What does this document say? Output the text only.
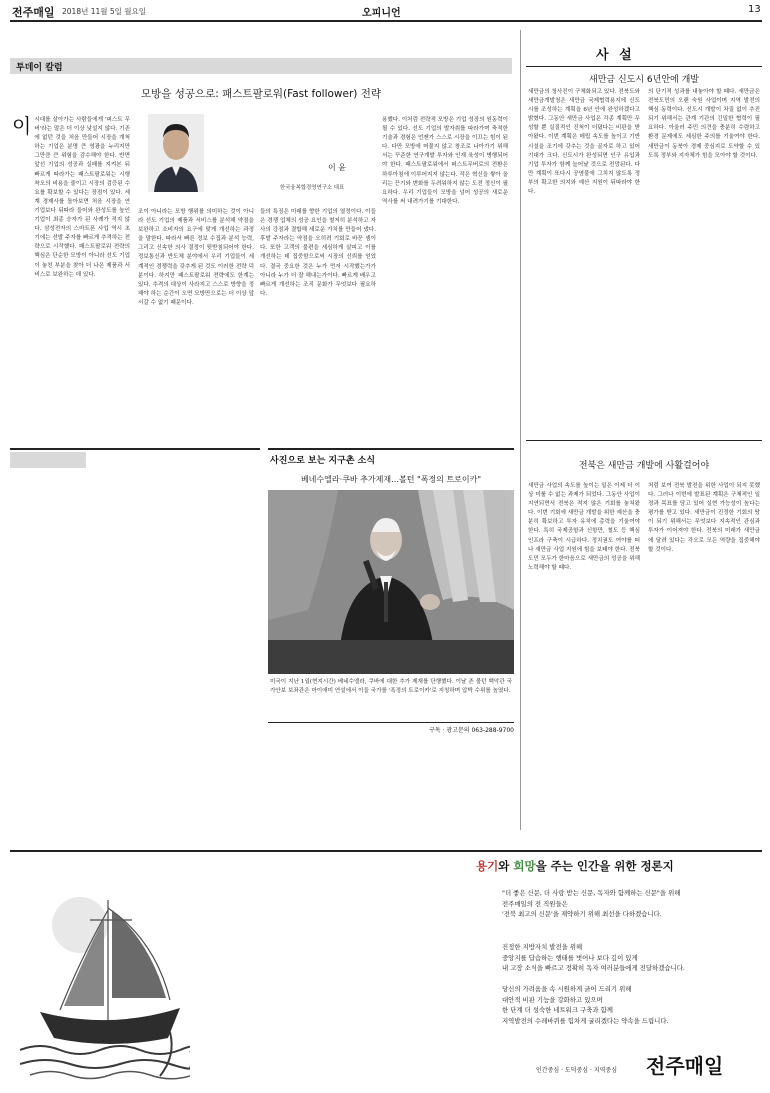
전주매일 2018년 11월 5일 월요일	오피니언	13
투데이 칼럼
모방을 성공으로: 패스트팔로워(Fast follower) 전략
이 시대를 살아가는 사람들에게 '퍼스트 무버'라는 말은 더 이상 낯설지 않다. 기존에 없던 것을 처음 만들어 시장을 개척하는 기업은 분명 큰 영광을 누리지만 그만큼 큰 위험을 감수해야 한다. 반면 앞선 기업의 성공과 실패를 지켜본 뒤 빠르게 따라가는 패스트팔로워는 시행착오의 비용을 줄이고 시장의 검증된 수요를 확보할 수 있다는 장점이 있다. 세계 경제사를 돌아보면 처음 시장을 연 기업보다 뒤따라 들어와 완성도를 높인 기업이 최종 승자가 된 사례가 적지 않다. 삼성전자의 스마트폰 사업 역시 초기에는 선발 주자를 빠르게 추격하는 전략으로 시작했다. 패스트팔로워 전략의 핵심은 단순한 모방이 아니라 선도 기업이 놓친 부분을 찾아 더 나은 제품과 서비스로 보완하는 데 있다.
이 윤
한국융복합경영연구소 대표
조이 아니라는 모방 행위를 의미하는 것이 아니라 선도 기업의 제품과 서비스를 분석해 약점을 보완하고 소비자의 요구에 맞게 개선하는 과정을 말한다. 따라서 빠른 정보 수집과 분석 능력, 그리고 신속한 의사 결정이 뒷받침되어야 한다. 정보통신과 반도체 분야에서 우리 기업들이 세계적인 경쟁력을 갖추게 된 것도 이러한 전략 덕분이다. 하지만 패스트팔로워 전략에도 한계는 있다. 추격의 대상이 사라지고 스스로 방향을 정해야 하는 순간이 오면 모방만으로는 더 이상 앞서갈 수 없기 때문이다.
들의 특징은 미래를 향한 기업의 열정이다. 이들은 경쟁 업체의 성공 요인을 철저히 분석하고 자사의 강점과 결합해 새로운 가치를 만들어 냈다. 후발 주자라는 약점을 오히려 기회로 바꾼 셈이다. 또한 고객의 불편을 세심하게 살피고 이를 개선하는 데 집중함으로써 시장의 신뢰를 얻었다. 결국 중요한 것은 누가 먼저 시작했는가가 아니라 누가 더 잘 해내는가이다. 빠르게 배우고 빠르게 개선하는 조직 문화가 무엇보다 필요하다.
용했다. 이처럼 전략적 모방은 기업 성장의 원동력이 될 수 있다. 선도 기업의 발자취를 따라가며 축적한 기술과 경험은 언젠가 스스로 시장을 이끄는 힘이 된다. 다만 모방에 머물지 않고 창조로 나아가기 위해서는 꾸준한 연구개발 투자와 인재 육성이 병행되어야 한다. 패스트팔로워에서 퍼스트무버로의 전환은 하루아침에 이루어지지 않는다. 작은 혁신을 쌓아 올리는 끈기와 변화를 두려워하지 않는 도전 정신이 필요하다. 우리 기업들이 모방을 넘어 성공의 새로운 역사를 써 내려가기를 기대한다.
사진으로 보는 지구촌 소식
베네수엘라·쿠바 추가제재…볼턴 "폭정의 트로이카"
미국이 지난 1일(현지시간) 베네수엘라, 쿠바에 대한 추가 제재를 단행했다. 이날 존 볼턴 백악관 국가안보 보좌관은 마이애미 연설에서 이들 국가를 '폭정의 트로이카'로 지칭하며 압박 수위를 높였다.
구독 · 광고문의 063-288-9700
사 설
새만금 신도시 6년안에 개발
새만금의 청사진이 구체화되고 있다. 전북도와 새만금개발청은 새만금 국제협력용지에 신도시를 조성하는 계획을 6년 안에 완성하겠다고 밝혔다. 그동안 새만금 사업은 각종 계획만 무성할 뿐 실질적인 진척이 더뎠다는 비판을 받아왔다. 이번 계획은 매립 속도를 높이고 기반 시설을 조기에 갖추는 것을 골자로 하고 있어 기대가 크다. 신도시가 완성되면 인구 유입과 기업 투자가 함께 늘어날 것으로 전망된다. 다만 계획이 또다시 공염불에 그치지 않도록 정부의 확고한 의지와 예산 지원이 뒤따라야 한다.
의 단기적 성과를 내놓아야 할 때다. 새만금은 전북도민의 오랜 숙원 사업이며 지역 발전의 핵심 동력이다. 신도시 개발이 차질 없이 추진되기 위해서는 관계 기관의 긴밀한 협력이 필요하다. 아울러 주민 의견을 충분히 수렴하고 환경 문제에도 세심한 주의를 기울여야 한다. 새만금이 동북아 경제 중심지로 도약할 수 있도록 정부와 지자체가 힘을 모아야 할 것이다.
전북은 새만금 개발에 사활걸어야
새만금 사업의 속도를 높이는 일은 이제 더 이상 미룰 수 없는 과제가 되었다. 그동안 사업이 지연되면서 전북은 적지 않은 기회를 놓쳐왔다. 이번 기회에 새만금 개발을 위한 예산을 충분히 확보하고 투자 유치에 총력을 기울여야 한다. 특히 국제공항과 신항만, 철도 등 핵심 인프라 구축이 시급하다. 정치권도 여야를 떠나 새만금 사업 지원에 힘을 보태야 한다. 전북도민 모두가 한마음으로 새만금의 성공을 위해 노력해야 할 때다.
처럼 보여 전북 발전을 위한 사업이 되지 못했다. 그러나 이번에 발표된 계획은 구체적인 일정과 목표를 담고 있어 실현 가능성이 높다는 평가를 받고 있다. 새만금이 진정한 기회의 땅이 되기 위해서는 무엇보다 지속적인 관심과 투자가 이어져야 한다. 전북의 미래가 새만금에 달려 있다는 각오로 모든 역량을 집중해야 할 것이다.
용기와 희망을 주는 인간을 위한 정론지
"더 좋은 신문, 더 사랑 받는 신문, 독자와 함께하는 신문"을 위해
전주매일의 전 직원들은
'전북 최고의 신문'을 재약하기 위해 최선을 다하겠습니다.
진정한 지방자치 발전을 위해
중앙지를 답습하는 행태를 벗어나 보다 깊이 있게
내 고장 소식을 빠르고 정확히 독자 여러분들에게 전달하겠습니다.
당신의 가려움을 속 시원하게 긁어 드리기 위해
대안적 비판 기능을 강화하고 있으며
한 단계 더 성숙한 네트워크 구축과 함께
지역발전의 수레바퀴를 힘차게 굴리겠다는 약속을 드립니다.
인간중심 · 도덕중심 · 지역중심 전주매일
